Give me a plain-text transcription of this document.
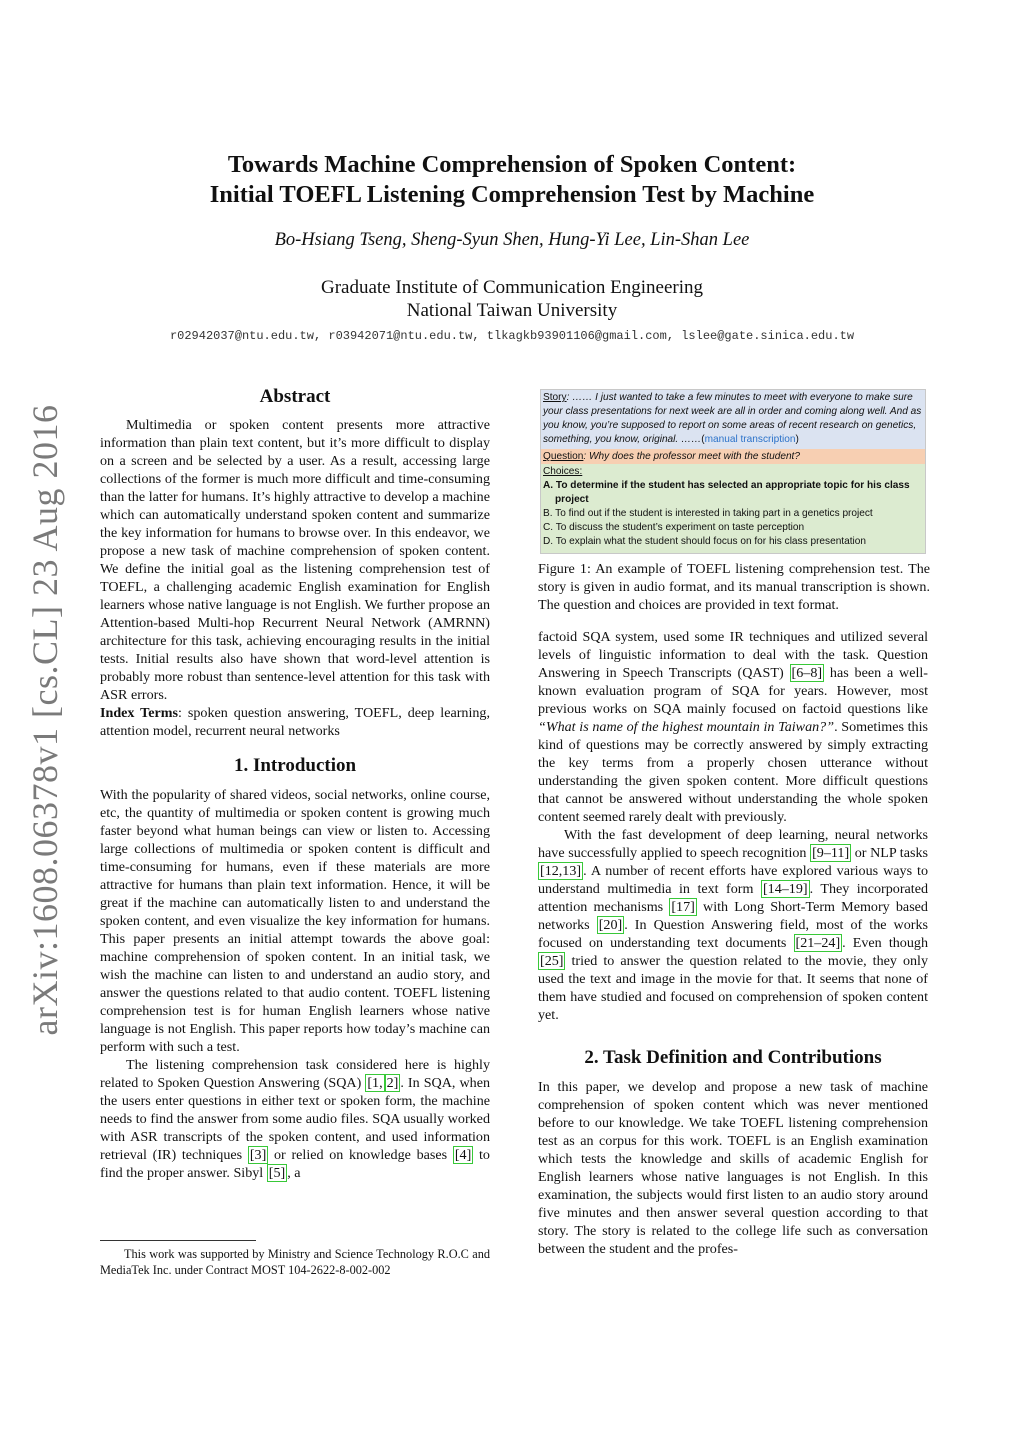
arXiv:1608.06378v1 [cs.CL] 23 Aug 2016
Towards Machine Comprehension of Spoken Content:
Initial TOEFL Listening Comprehension Test by Machine
Bo-Hsiang Tseng, Sheng-Syun Shen, Hung-Yi Lee, Lin-Shan Lee
Graduate Institute of Communication Engineering
National Taiwan University
r02942037@ntu.edu.tw, r03942071@ntu.edu.tw, tlkagkb93901106@gmail.com, lslee@gate.sinica.edu.tw
Abstract

Multimedia or spoken content presents more attractive information than plain text content, but it’s more difficult to display on a screen and be selected by a user. As a result, accessing large collections of the former is much more difficult and time-consuming than the latter for humans. It’s highly attractive to develop a machine which can automatically understand spoken content and summarize the key information for humans to browse over. In this endeavor, we propose a new task of machine comprehension of spoken content. We define the initial goal as the listening comprehension test of TOEFL, a challenging academic English examination for English learners whose native language is not English. We further propose an Attention-based Multi-hop Recurrent Neural Network (AMRNN) architecture for this task, achieving encouraging results in the initial tests. Initial results also have shown that word-level attention is probably more robust than sentence-level attention for this task with ASR errors.

Index Terms: spoken question answering, TOEFL, deep learning, attention model, recurrent neural networks

1. Introduction

With the popularity of shared videos, social networks, online course, etc, the quantity of multimedia or spoken content is growing much faster beyond what human beings can view or listen to. Accessing large collections of multimedia or spoken content is difficult and time-consuming for humans, even if these materials are more attractive for humans than plain text information. Hence, it will be great if the machine can automatically listen to and understand the spoken content, and even visualize the key information for humans. This paper presents an initial attempt towards the above goal: machine comprehension of spoken content. In an initial task, we wish the machine can listen to and understand an audio story, and answer the questions related to that audio content. TOEFL listening comprehension test is for human English learners whose native language is not English. This paper reports how today’s machine can perform with such a test.

The listening comprehension task considered here is highly related to Spoken Question Answering (SQA) [1, 2] . In SQA, when the users enter questions in either text or spoken form, the machine needs to find the answer from some audio files. SQA usually worked with ASR transcripts of the spoken content, and used information retrieval (IR) techniques [3] or relied on knowledge bases [4] to find the proper answer. Sibyl [5] , a

This work was supported by Ministry and Science Technology R.O.C and MediaTek Inc. under Contract MOST 104-2622-8-002-002

Story: …… I just wanted to take a few minutes to meet with everyone to make sure your class presentations for next week are all in order and coming along well. And as you know, you’re supposed to report on some areas of recent research on genetics, something, you know, original. ……(manual transcription)
Question: Why does the professor meet with the student?
Choices:
A. To determine if the student has selected an appropriate topic for his class
project
B. To find out if the student is interested in taking part in a genetics project
C. To discuss the student’s experiment on taste perception
D. To explain what the student should focus on for his class presentation
Figure 1: An example of TOEFL listening comprehension test. The story is given in audio format, and its manual transcription is shown. The question and choices are provided in text format.

factoid SQA system, used some IR techniques and utilized several levels of linguistic information to deal with the task. Question Answering in Speech Transcripts (QAST) [6–8] has been a well-known evaluation program of SQA for years. However, most previous works on SQA mainly focused on factoid questions like “What is name of the highest mountain in Taiwan?”. Sometimes this kind of questions may be correctly answered by simply extracting the key terms from a properly chosen utterance without understanding the given spoken content. More difficult questions that cannot be answered without understanding the whole spoken content seemed rarely dealt with previously.

With the fast development of deep learning, neural networks have successfully applied to speech recognition [9–11] or NLP tasks [12,13] . A number of recent efforts have explored various ways to understand multimedia in text form [14–19] . They incorporated attention mechanisms [17] with Long Short-Term Memory based networks [20] . In Question Answering field, most of the works focused on understanding text documents [21–24] . Even though [25] tried to answer the question related to the movie, they only used the text and image in the movie for that. It seems that none of them have studied and focused on comprehension of spoken content yet.

2. Task Definition and Contributions

In this paper, we develop and propose a new task of machine comprehension of spoken content which was never mentioned before to our knowledge. We take TOEFL listening comprehension test as an corpus for this work. TOEFL is an English examination which tests the knowledge and skills of academic English for English learners whose native languages is not English. In this examination, the subjects would first listen to an audio story around five minutes and then answer several question according to that story. The story is related to the college life such as conversation between the student and the profes-
